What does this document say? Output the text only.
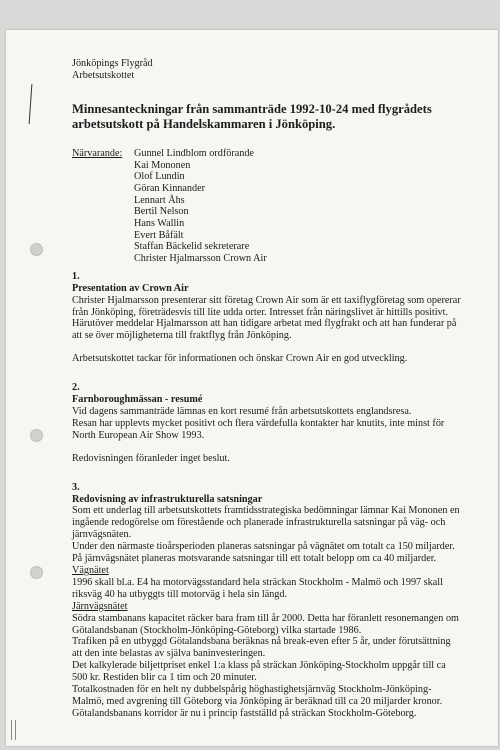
Jönköpings Flygråd
Arbetsutskottet
Minnesanteckningar från sammanträde 1992-10-24 med flygrådets arbetsutskott på Handelskammaren i Jönköping.
Närvarande:	Gunnel Lindblom ordförande
Kai Mononen
Olof Lundin
Göran Kinnander
Lennart Åhs
Bertil Nelson
Hans Wallin
Evert Båfält
Staffan Bäckelid sekreterare
Christer Hjalmarsson Crown Air
1.
Presentation av Crown Air

Christer Hjalmarsson presenterar sitt företag Crown Air som är ett taxiflygföretag som opererar från Jönköping, företrädesvis till lite udda orter. Intresset från näringslivet är hittills positivt.

Härutöver meddelar Hjalmarsson att han tidigare arbetat med flygfrakt och att han funderar på att se över möjligheterna till fraktflyg från Jönköping.

Arbetsutskottet tackar för informationen och önskar Crown Air en god utveckling.

2.
Farnboroughmässan - resumé

Vid dagens sammanträde lämnas en kort resumé från arbetsutskottets englandsresa.

Resan har upplevts mycket positivt och flera värdefulla kontakter har knutits, inte minst för North European Air Show 1993.

Redovisningen föranleder inget beslut.

3.
Redovisning av infrastrukturella satsningar

Som ett underlag till arbetsutskottets framtidsstrategiska bedömningar lämnar Kai Mononen en ingående redogörelse om förestående och planerade infrastrukturella satsningar på väg- och järnvägsnäten.

Under den närmaste tioårsperioden planeras satsningar på vägnätet om totalt ca 150 miljarder. På järnvägsnätet planeras motsvarande satsningar till ett totalt belopp om ca 40 miljarder.

Vägnätet

1996 skall bl.a. E4 ha motorvägsstandard hela sträckan Stockholm - Malmö och 1997 skall riksväg 40 ha utbyggts till motorväg i hela sin längd.

Järnvägsnätet

Södra stambanans kapacitet räcker bara fram till år 2000. Detta har föranlett resonemangen om Götalandsbanan (Stockholm-Jönköping-Göteborg) vilka startade 1986.

Trafiken på en utbyggd Götalandsbana beräknas nå break-even efter 5 år, under förutsättning att den inte belastas av själva baninvesteringen.

Det kalkylerade biljettpriset enkel 1:a klass på sträckan Jönköping-Stockholm uppgår till ca 500 kr. Restiden blir ca 1 tim och 20 minuter.

Totalkostnaden för en helt ny dubbelspårig höghastighetsjärnväg Stockholm-Jönköping-Malmö, med avgrening till Göteborg via Jönköping är beräknad till ca 20 miljarder kronor.

Götalandsbanans korridor är nu i princip fastställd på sträckan Stockholm-Göteborg.
